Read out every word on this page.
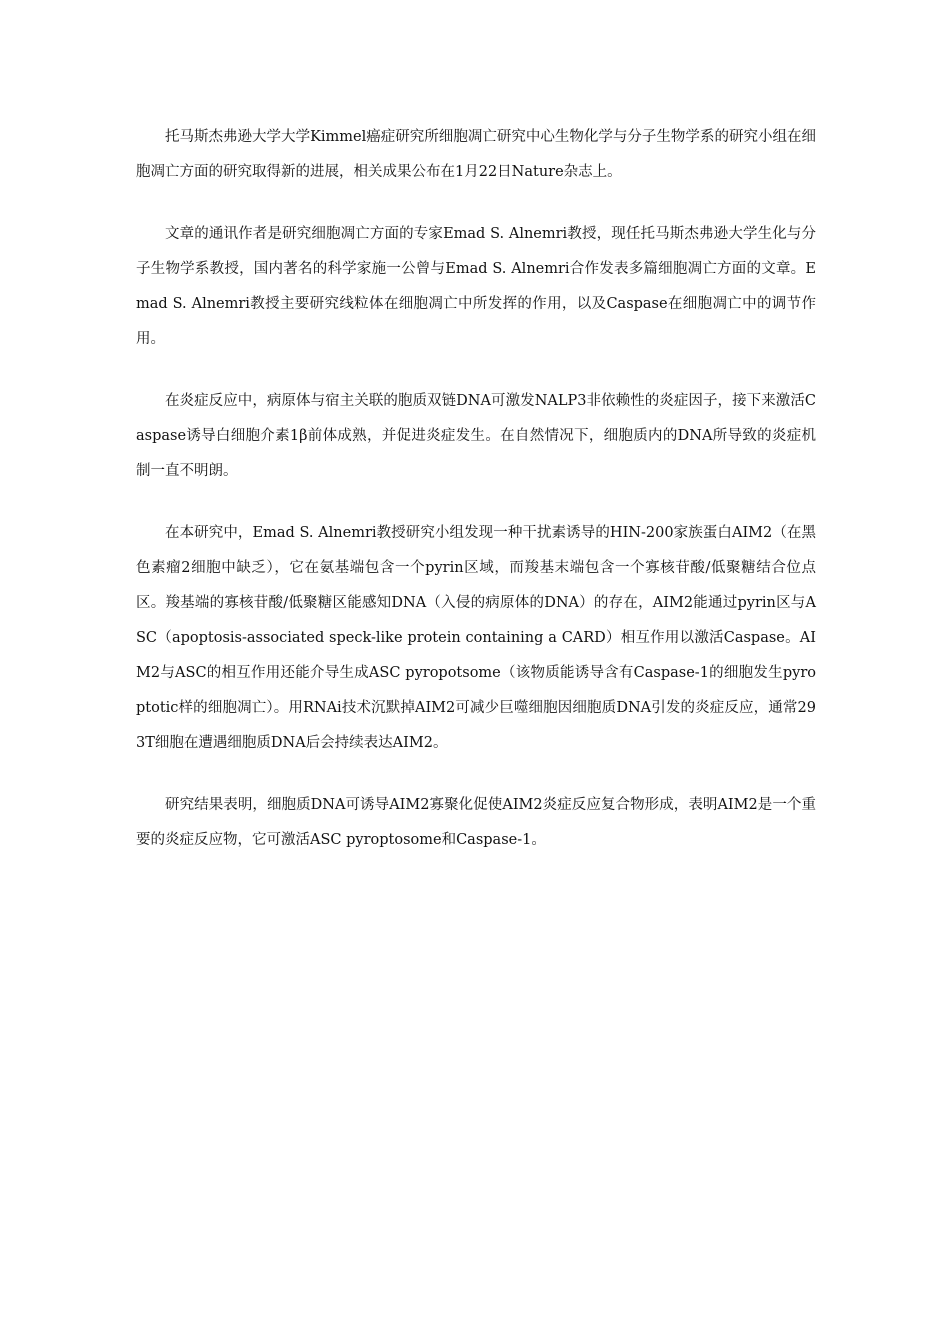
托马斯杰弗逊大学大学Kimmel癌症研究所细胞凋亡研究中心生物化学与分子生物学系的研究小组在细胞凋亡方面的研究取得新的进展，相关成果公布在1月22日Nature杂志上。

文章的通讯作者是研究细胞凋亡方面的专家Emad S. Alnemri教授，现任托马斯杰弗逊大学生化与分子生物学系教授，国内著名的科学家施一公曾与Emad S. Alnemri合作发表多篇细胞凋亡方面的文章。Emad S. Alnemri教授主要研究线粒体在细胞凋亡中所发挥的作用，以及Caspase在细胞凋亡中的调节作用。

在炎症反应中，病原体与宿主关联的胞质双链DNA可激发NALP3非依赖性的炎症因子，接下来激活Caspase诱导白细胞介素1β前体成熟，并促进炎症发生。在自然情况下，细胞质内的DNA所导致的炎症机制一直不明朗。

在本研究中，Emad S. Alnemri教授研究小组发现一种干扰素诱导的HIN-200家族蛋白AIM2（在黑色素瘤2细胞中缺乏），它在氨基端包含一个pyrin区域，而羧基末端包含一个寡核苷酸/低聚糖结合位点区。羧基端的寡核苷酸/低聚糖区能感知DNA（入侵的病原体的DNA）的存在，AIM2能通过pyrin区与ASC（apoptosis-associated speck-like protein containing a CARD）相互作用以激活Caspase。AIM2与ASC的相互作用还能介导生成ASC pyropotsome（该物质能诱导含有Caspase-1的细胞发生pyroptotic样的细胞凋亡）。用RNAi技术沉默掉AIM2可减少巨噬细胞因细胞质DNA引发的炎症反应，通常293T细胞在遭遇细胞质DNA后会持续表达AIM2。

研究结果表明，细胞质DNA可诱导AIM2寡聚化促使AIM2炎症反应复合物形成，表明AIM2是一个重要的炎症反应物，它可激活ASC pyroptosome和Caspase-1。
